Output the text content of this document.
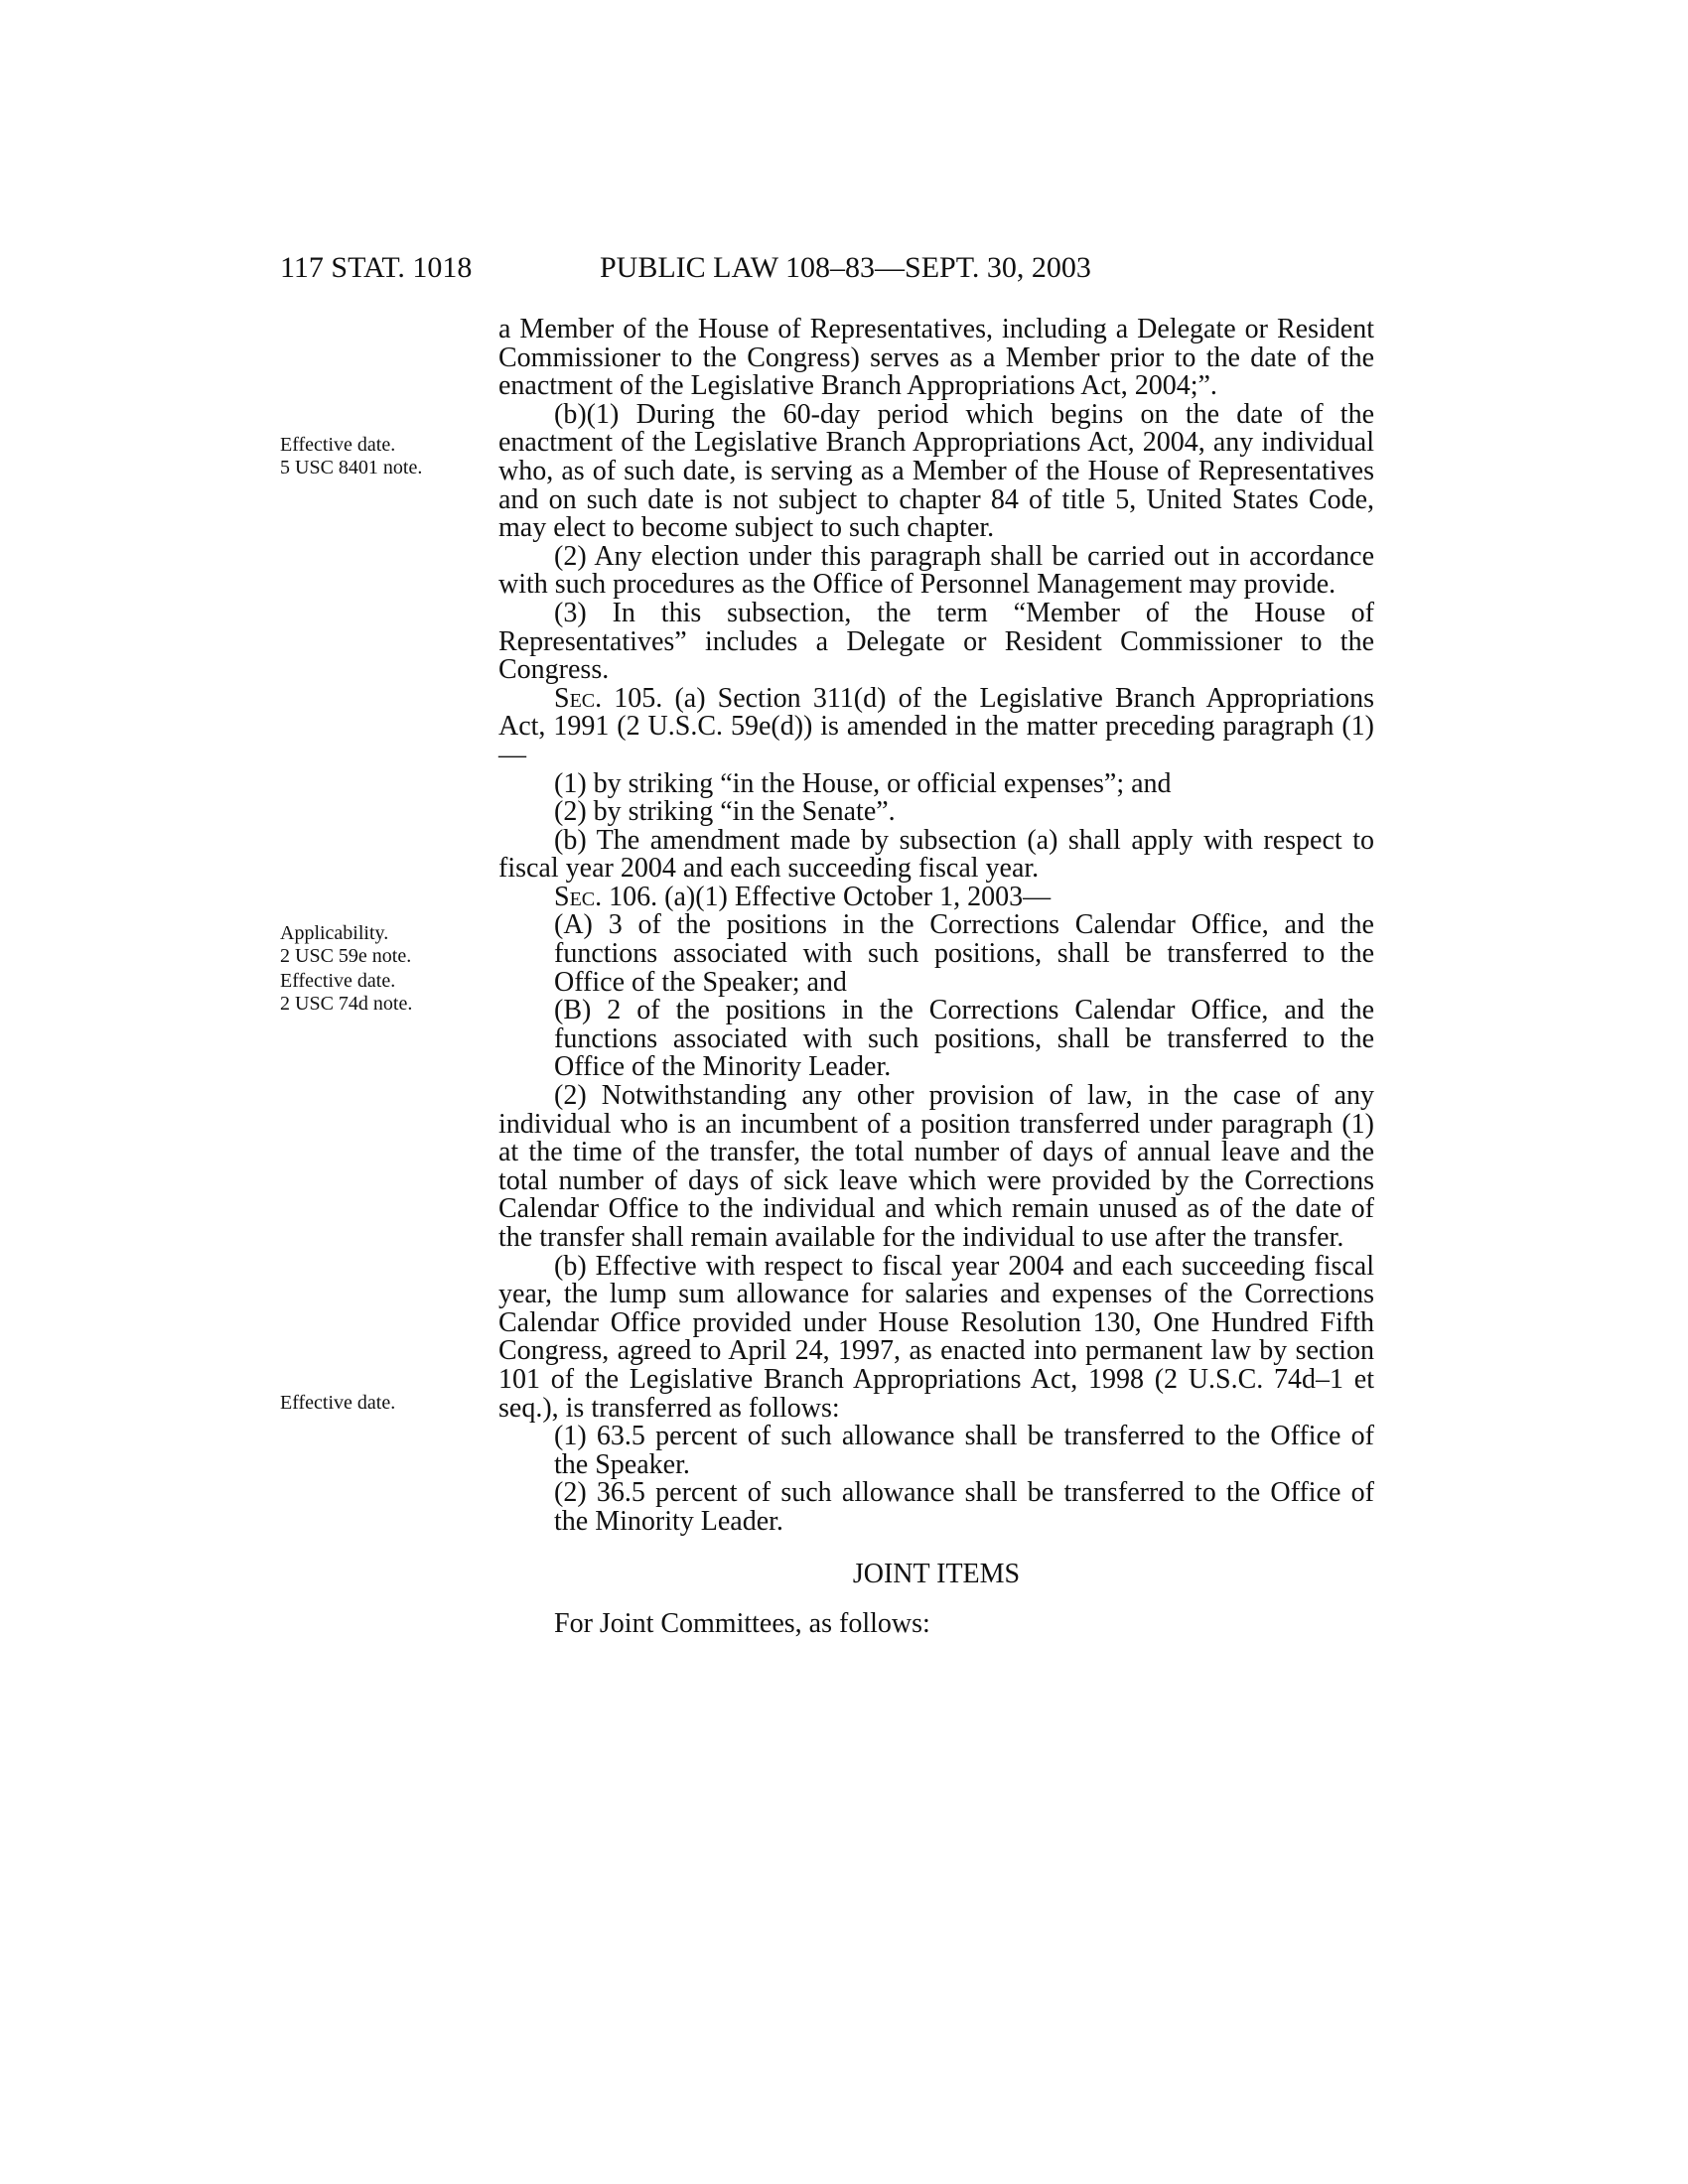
117 STAT. 1018	PUBLIC LAW 108–83—SEPT. 30, 2003

Effective date.

5 USC 8401 note.

Applicability.

2 USC 59e note.

Effective date.

2 USC 74d note.

Effective date.

a Member of the House of Representatives, including a Delegate or Resident Commissioner to the Congress) serves as a Member prior to the date of the enactment of the Legislative Branch Appropriations Act, 2004;”.

(b)(1) During the 60-day period which begins on the date of the enactment of the Legislative Branch Appropriations Act, 2004, any individual who, as of such date, is serving as a Member of the House of Representatives and on such date is not subject to chapter 84 of title 5, United States Code, may elect to become subject to such chapter.

(2) Any election under this paragraph shall be carried out in accordance with such procedures as the Office of Personnel Management may provide.

(3) In this subsection, the term “Member of the House of Representatives” includes a Delegate or Resident Commissioner to the Congress.

Sec. 105. (a) Section 311(d) of the Legislative Branch Appropriations Act, 1991 (2 U.S.C. 59e(d)) is amended in the matter preceding paragraph (1)—

(1) by striking “in the House, or official expenses”; and

(2) by striking “in the Senate”.

(b) The amendment made by subsection (a) shall apply with respect to fiscal year 2004 and each succeeding fiscal year.

Sec. 106. (a)(1) Effective October 1, 2003—

(A) 3 of the positions in the Corrections Calendar Office, and the functions associated with such positions, shall be transferred to the Office of the Speaker; and

(B) 2 of the positions in the Corrections Calendar Office, and the functions associated with such positions, shall be transferred to the Office of the Minority Leader.

(2) Notwithstanding any other provision of law, in the case of any individual who is an incumbent of a position transferred under paragraph (1) at the time of the transfer, the total number of days of annual leave and the total number of days of sick leave which were provided by the Corrections Calendar Office to the individual and which remain unused as of the date of the transfer shall remain available for the individual to use after the transfer.

(b) Effective with respect to fiscal year 2004 and each succeeding fiscal year, the lump sum allowance for salaries and expenses of the Corrections Calendar Office provided under House Resolution 130, One Hundred Fifth Congress, agreed to April 24, 1997, as enacted into permanent law by section 101 of the Legislative Branch Appropriations Act, 1998 (2 U.S.C. 74d–1 et seq.), is transferred as follows:

(1) 63.5 percent of such allowance shall be transferred to the Office of the Speaker.

(2) 36.5 percent of such allowance shall be transferred to the Office of the Minority Leader.

JOINT ITEMS

For Joint Committees, as follows:
